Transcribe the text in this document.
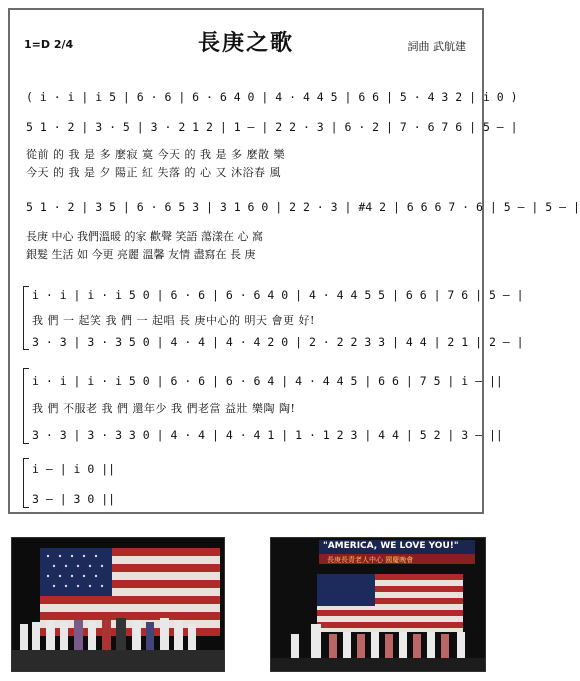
1=D 2/4	長庚之歌	詞曲 武航建
( i · i | i 5 | 6 · 6 | 6 · 6 4 0 | 4 · 4 4 5 | 6 6 | 5 · 4 3 2 | i 0 )
5 1 · 2 | 3 · 5 | 3 · 2 1 2 | 1 — | 2 2 · 3 | 6 · 2 | 7 · 6 7 6 | 5 — |
從前 的 我 是 多 麼寂 寞 今天 的 我 是 多 麼散 樂
今天 的 我 是 夕 陽正 紅 失落 的 心 又 沐浴春 風
5 1 · 2 | 3 5 | 6 · 6 5 3 | 3 1 6 0 | 2 2 · 3 | #4 2 | 6 6 6 7 · 6 | 5 — | 5 — |
長庚 中心 我們溫暖 的家 歡聲 笑語 蕩漾在 心 窩
銀髮 生活 如 今更 亮麗 溫馨 友情 盡寫在 長 庚
i · i | i · i 5 0 | 6 · 6 | 6 · 6 4 0 | 4 · 4 4 5 5 | 6 6 | 7 6 | 5 — |
我 們 一 起笑 我 們 一 起唱 長 庚中心的 明天 會更 好!
3 · 3 | 3 · 3 5 0 | 4 · 4 | 4 · 4 2 0 | 2 · 2 2 3 3 | 4 4 | 2 1 | 2 — |
i · i | i · i 5 0 | 6 · 6 | 6 · 6 4 | 4 · 4 4 5 | 6 6 | 7 5 | i — ||
我 們 不服老 我 們 還年少 我 們老當 益壯 樂陶 陶!
3 · 3 | 3 · 3 3 0 | 4 · 4 | 4 · 4 1 | 1 · 1 2 3 | 4 4 | 5 2 | 3 — ||
i — | i 0 ||
3 — | 3 0 ||
"AMERICA, WE LOVE YOU!"
長庚長青老人中心 國慶晚會
